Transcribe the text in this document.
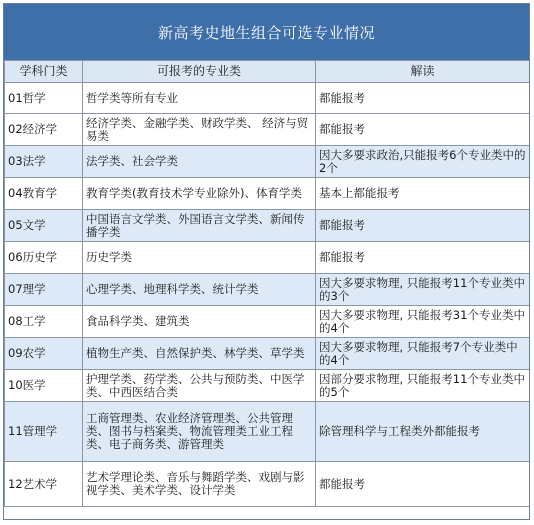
新高考史地生组合可选专业情况
学科门类	可报考的专业类	解读
01哲学	哲学类等所有专业	都能报考
02经济学	经济学类、金融学类、财政学类、 经济与贸易类	都能报考
03法学	法学类、社会学类	因大多要求政治,只能报考6个专业类中的2个
04教育学	教育学类(教育技术学专业除外)、体育学类	基本上都能报考
05文学	中国语言文学类、外国语言文学类、新闻传播学类	都能报考
06历史学	历史学类	都能报考
07理学	心理学类、地理科学类、统计学类	因大多要求物理, 只能报考11个专业类中的3个
08工学	食品科学类、建筑类	因大多要求物理, 只能报考31个专业类中的4个
09农学	植物生产类、自然保护类、林学类、草学类	因大多要求物理, 只能报考7个专业类中的4个
10医学	护理学类、药学类、公共与预防类、中医学类、中西医结合类	因部分要求物理, 只能报考11个专业类中的5个
11管理学	工商管理类、农业经济管理类、公共管理类、图书与档案类、物流管理类工业工程类、电子商务类、游管理类	除管理科学与工程类外都能报考
12艺术学	艺术学理论类、音乐与舞蹈学类、戏剧与影视学类、美术学类、设计学类	都能报考
